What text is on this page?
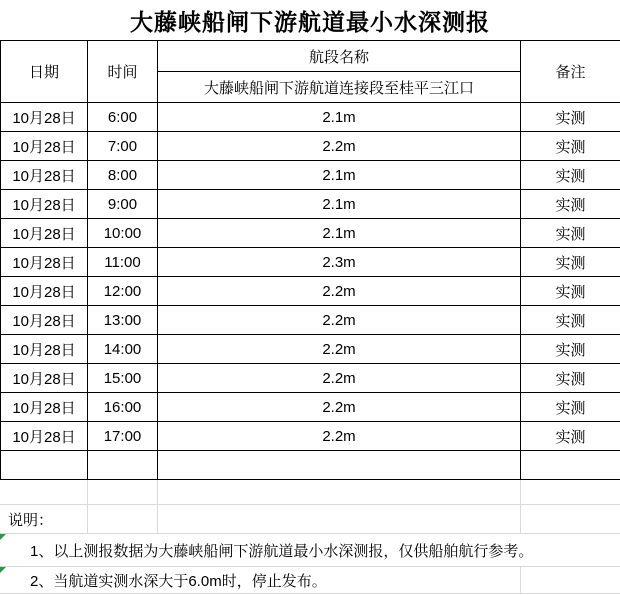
大藤峡船闸下游航道最小水深测报
日期	时间	航段名称	备注
		大藤峡船闸下游航道连接段至桂平三江口	
10月28日	6:00	2.1m	实测
10月28日	7:00	2.2m	实测
10月28日	8:00	2.1m	实测
10月28日	9:00	2.1m	实测
10月28日	10:00	2.1m	实测
10月28日	11:00	2.3m	实测
10月28日	12:00	2.2m	实测
10月28日	13:00	2.2m	实测
10月28日	14:00	2.2m	实测
10月28日	15:00	2.2m	实测
10月28日	16:00	2.2m	实测
10月28日	17:00	2.2m	实测

说明：
1、以上测报数据为大藤峡船闸下游航道最小水深测报，仅供船舶航行参考。
2、当航道实测水深大于6.0m时，停止发布。
